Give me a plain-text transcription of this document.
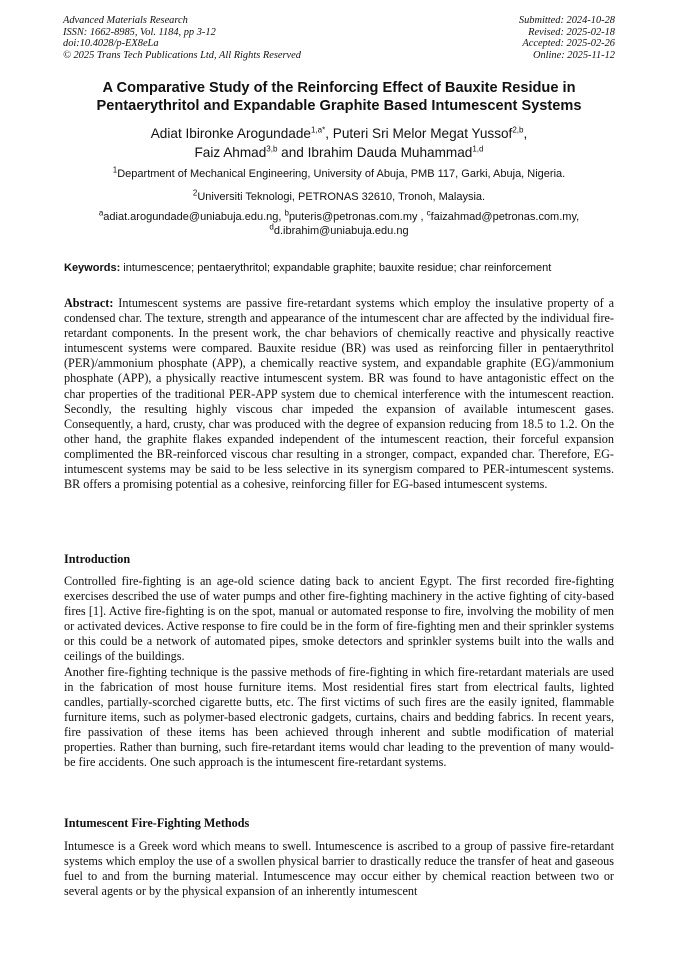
Advanced Materials Research
ISSN: 1662-8985, Vol. 1184, pp 3-12
doi:10.4028/p-EX8eLa
© 2025 Trans Tech Publications Ltd, All Rights Reserved
Submitted: 2024-10-28
Revised: 2025-02-18
Accepted: 2025-02-26
Online: 2025-11-12
A Comparative Study of the Reinforcing Effect of Bauxite Residue in
Pentaerythritol and Expandable Graphite Based Intumescent Systems
Adiat Ibironke Arogundade$^{1,a*}$, Puteri Sri Melor Megat Yussof$^{2,b}$,
Faiz Ahmad$^{3,b}$ and Ibrahim Dauda Muhammad$^{1,d}$
$^1$Department of Mechanical Engineering, University of Abuja, PMB 117, Garki, Abuja, Nigeria.
$^2$Universiti Teknologi, PETRONAS 32610, Tronoh, Malaysia.
$^a$adiat.arogundade@uniabuja.edu.ng, $^b$puteris@petronas.com.my , $^c$faizahmad@petronas.com.my,
$^d$d.ibrahim@uniabuja.edu.ng
Keywords: intumescence; pentaerythritol; expandable graphite; bauxite residue; char reinforcement

Abstract: Intumescent systems are passive fire-retardant systems which employ the insulative property of a condensed char. The texture, strength and appearance of the intumescent char are affected by the individual fire-retardant components. In the present work, the char behaviors of chemically reactive and physically reactive intumescent systems were compared. Bauxite residue (BR) was used as reinforcing filler in pentaerythritol (PER)/ammonium phosphate (APP), a chemically reactive system, and expandable graphite (EG)/ammonium phosphate (APP), a physically reactive intumescent system. BR was found to have antagonistic effect on the char properties of the traditional PER-APP system due to chemical interference with the intumescent reaction. Secondly, the resulting highly viscous char impeded the expansion of available intumescent gases. Consequently, a hard, crusty, char was produced with the degree of expansion reducing from 18.5 to 1.2. On the other hand, the graphite flakes expanded independent of the intumescent reaction, their forceful expansion complimented the BR-reinforced viscous char resulting in a stronger, compact, expanded char. Therefore, EG-intumescent systems may be said to be less selective in its synergism compared to PER-intumescent systems. BR offers a promising potential as a cohesive, reinforcing filler for EG-based intumescent systems.

Introduction

Controlled fire-fighting is an age-old science dating back to ancient Egypt. The first recorded fire-fighting exercises described the use of water pumps and other fire-fighting machinery in the active fighting of city-based fires [1]. Active fire-fighting is on the spot, manual or automated response to fire, involving the mobility of men or activated devices. Active response to fire could be in the form of fire-fighting men and their sprinkler systems or this could be a network of automated pipes, smoke detectors and sprinkler systems built into the walls and ceilings of the buildings.

Another fire-fighting technique is the passive methods of fire-fighting in which fire-retardant materials are used in the fabrication of most house furniture items. Most residential fires start from electrical faults, lighted candles, partially-scorched cigarette butts, etc. The first victims of such fires are the easily ignited, flammable furniture items, such as polymer-based electronic gadgets, curtains, chairs and bedding fabrics. In recent years, fire passivation of these items has been achieved through inherent and subtle modification of material properties. Rather than burning, such fire-retardant items would char leading to the prevention of many would-be fire accidents. One such approach is the intumescent fire-retardant systems.

Intumescent Fire-Fighting Methods

Intumesce is a Greek word which means to swell. Intumescence is ascribed to a group of passive fire-retardant systems which employ the use of a swollen physical barrier to drastically reduce the transfer of heat and gaseous fuel to and from the burning material. Intumescence may occur either by chemical reaction between two or several agents or by the physical expansion of an inherently intumescent
